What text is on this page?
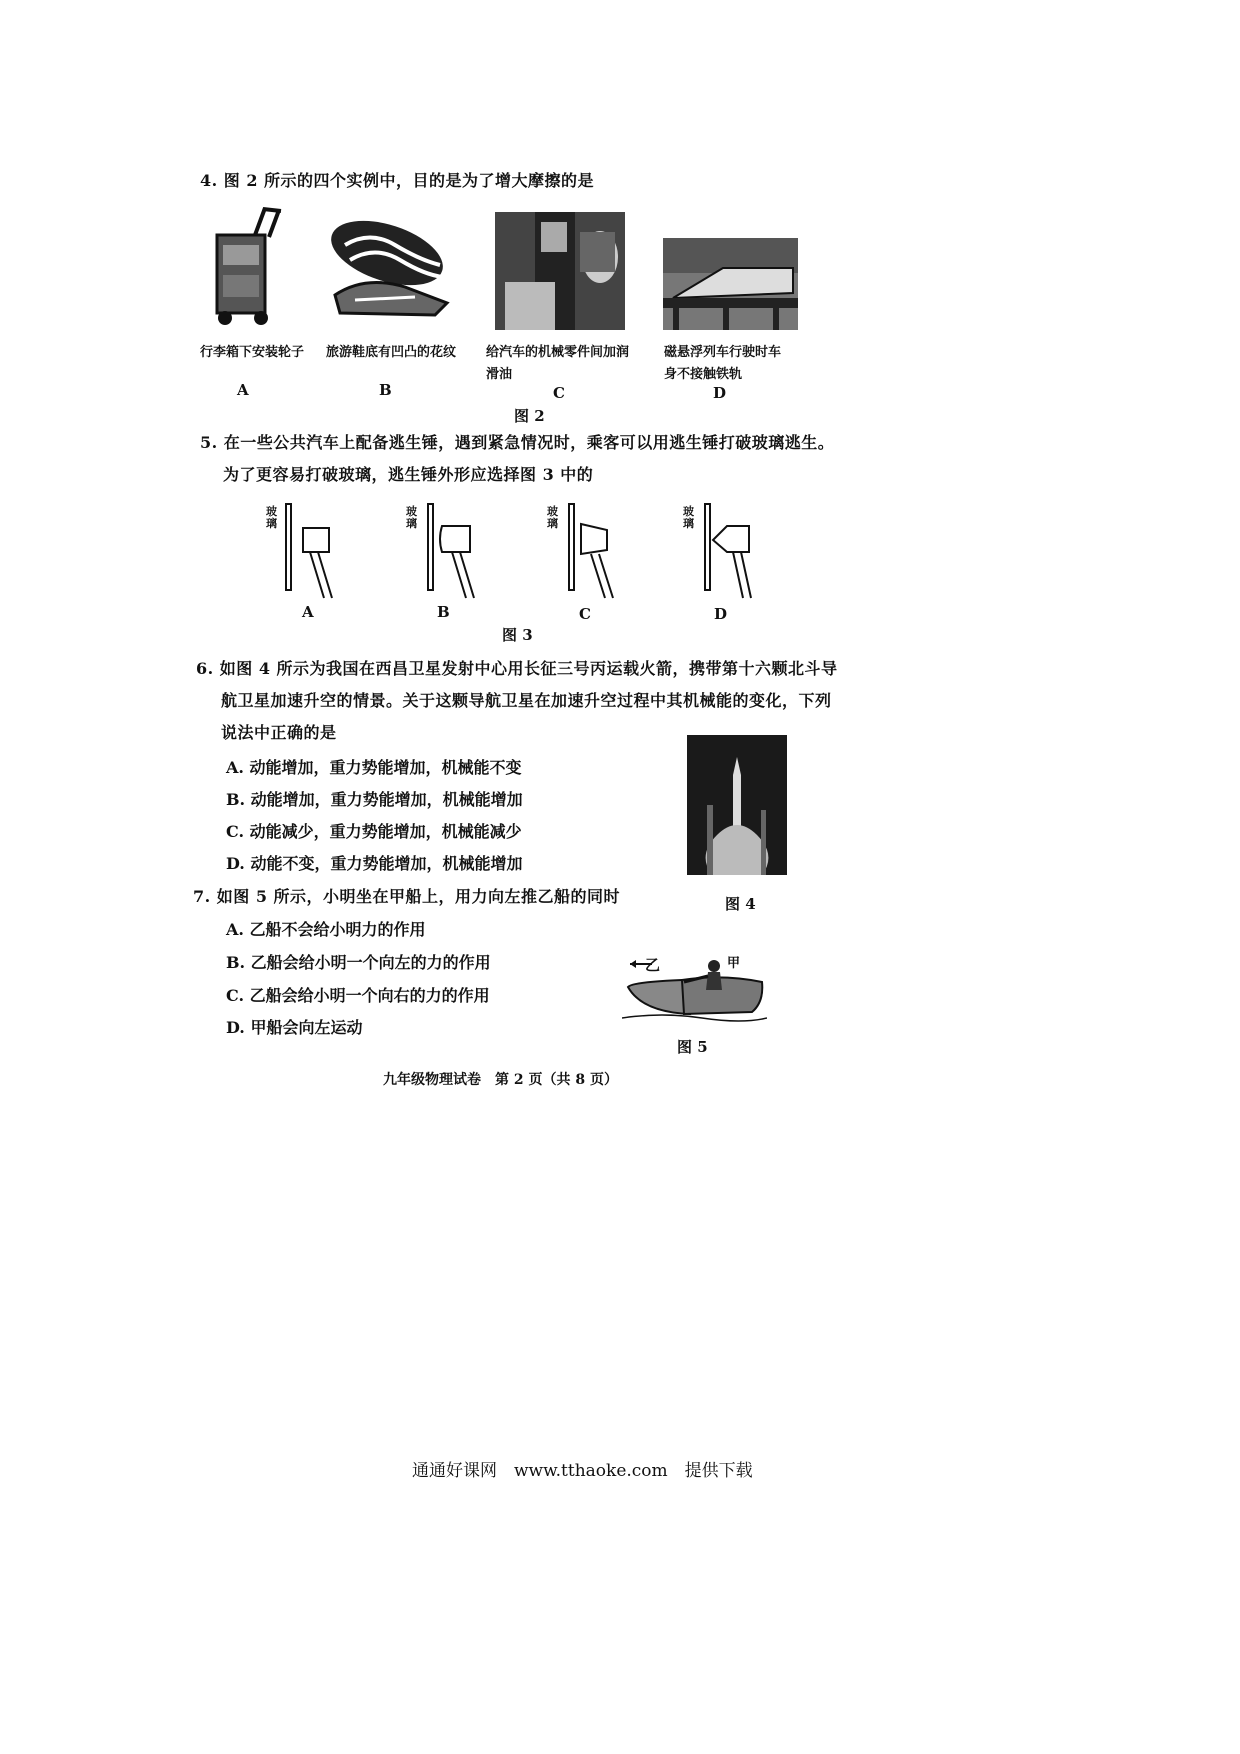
4. 图 2 所示的四个实例中，目的是为了增大摩擦的是
行李箱下安装轮子 旅游鞋底有凹凸的花纹 给汽车的机械零件间加润
滑油
磁悬浮列车行驶时车
身不接触铁轨
A	B	C	D
图 2
5. 在一些公共汽车上配备逃生锤，遇到紧急情况时，乘客可以用逃生锤打破玻璃逃生。
为了更容易打破玻璃，逃生锤外形应选择图 3 中的
玻璃
玻璃
玻璃
玻璃
A	B	C	D
图 3
6. 如图 4 所示为我国在西昌卫星发射中心用长征三号丙运载火箭，携带第十六颗北斗导
航卫星加速升空的情景。关于这颗导航卫星在加速升空过程中其机械能的变化，下列
说法中正确的是
A. 动能增加，重力势能增加，机械能不变
B. 动能增加，重力势能增加，机械能增加
C. 动能减少，重力势能增加，机械能减少
D. 动能不变，重力势能增加，机械能增加
图 4
7. 如图 5 所示，小明坐在甲船上，用力向左推乙船的同时
A. 乙船不会给小明力的作用
B. 乙船会给小明一个向左的力的作用
C. 乙船会给小明一个向右的力的作用
D. 甲船会向左运动
乙	甲
图 5
九年级物理试卷　第 2 页（共 8 页）
通通好课网　www.tthaoke.com　提供下载
